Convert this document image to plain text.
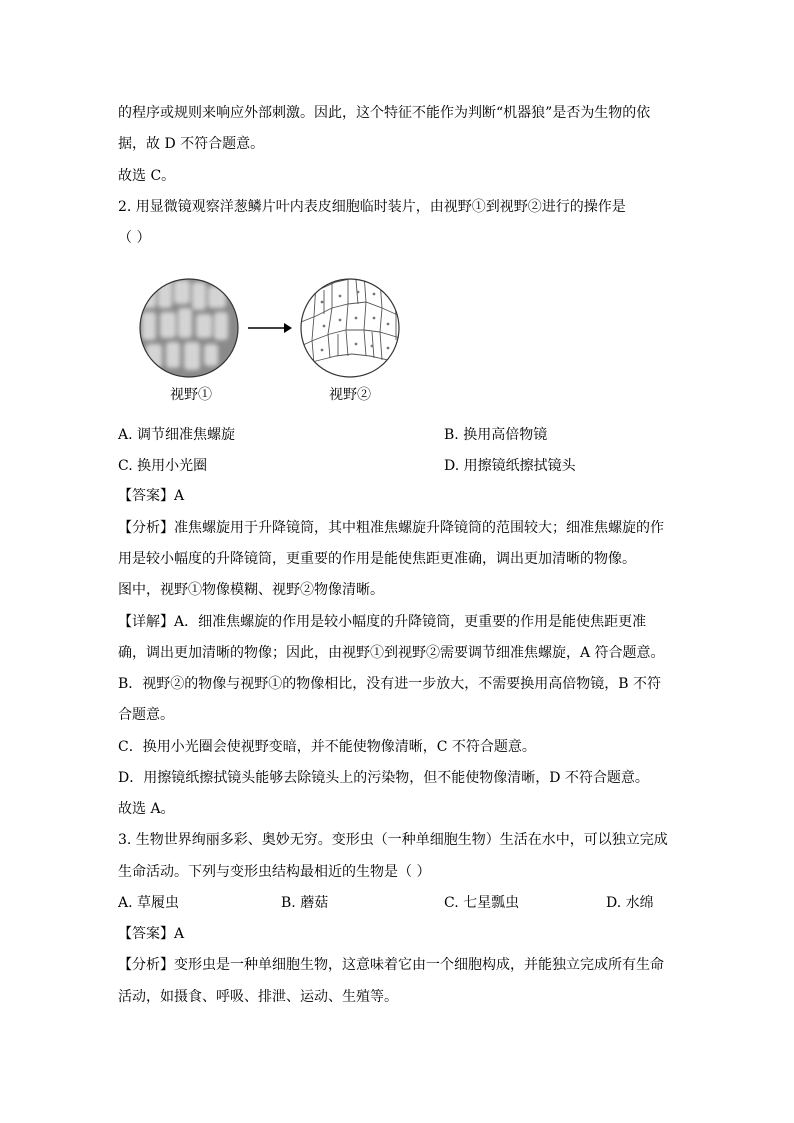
的程序或规则来响应外部刺激。因此，这个特征不能作为判断“机器狼”是否为生物的依
据，故 D 不符合题意。
故选 C。
2. 用显微镜观察洋葱鳞片叶内表皮细胞临时装片，由视野①到视野②进行的操作是
（ ）
视野①	视野②
A. 调节细准焦螺旋	B. 换用高倍物镜
C. 换用小光圈	D. 用擦镜纸擦拭镜头
【答案】A
【分析】准焦螺旋用于升降镜筒，其中粗准焦螺旋升降镜筒的范围较大；细准焦螺旋的作
用是较小幅度的升降镜筒，更重要的作用是能使焦距更准确，调出更加清晰的物像。
图中，视野①物像模糊、视野②物像清晰。
【详解】A．细准焦螺旋的作用是较小幅度的升降镜筒，更重要的作用是能使焦距更准
确，调出更加清晰的物像；因此，由视野①到视野②需要调节细准焦螺旋，A 符合题意。
B．视野②的物像与视野①的物像相比，没有进一步放大，不需要换用高倍物镜，B 不符
合题意。
C．换用小光圈会使视野变暗，并不能使物像清晰，C 不符合题意。
D．用擦镜纸擦拭镜头能够去除镜头上的污染物，但不能使物像清晰，D 不符合题意。
故选 A。
3. 生物世界绚丽多彩、奥妙无穷。变形虫（一种单细胞生物）生活在水中，可以独立完成
生命活动。下列与变形虫结构最相近的生物是（ ）
A. 草履虫	B. 蘑菇	C. 七星瓢虫	D. 水绵
【答案】A
【分析】变形虫是一种单细胞生物，这意味着它由一个细胞构成，并能独立完成所有生命
活动，如摄食、呼吸、排泄、运动、生殖等。
